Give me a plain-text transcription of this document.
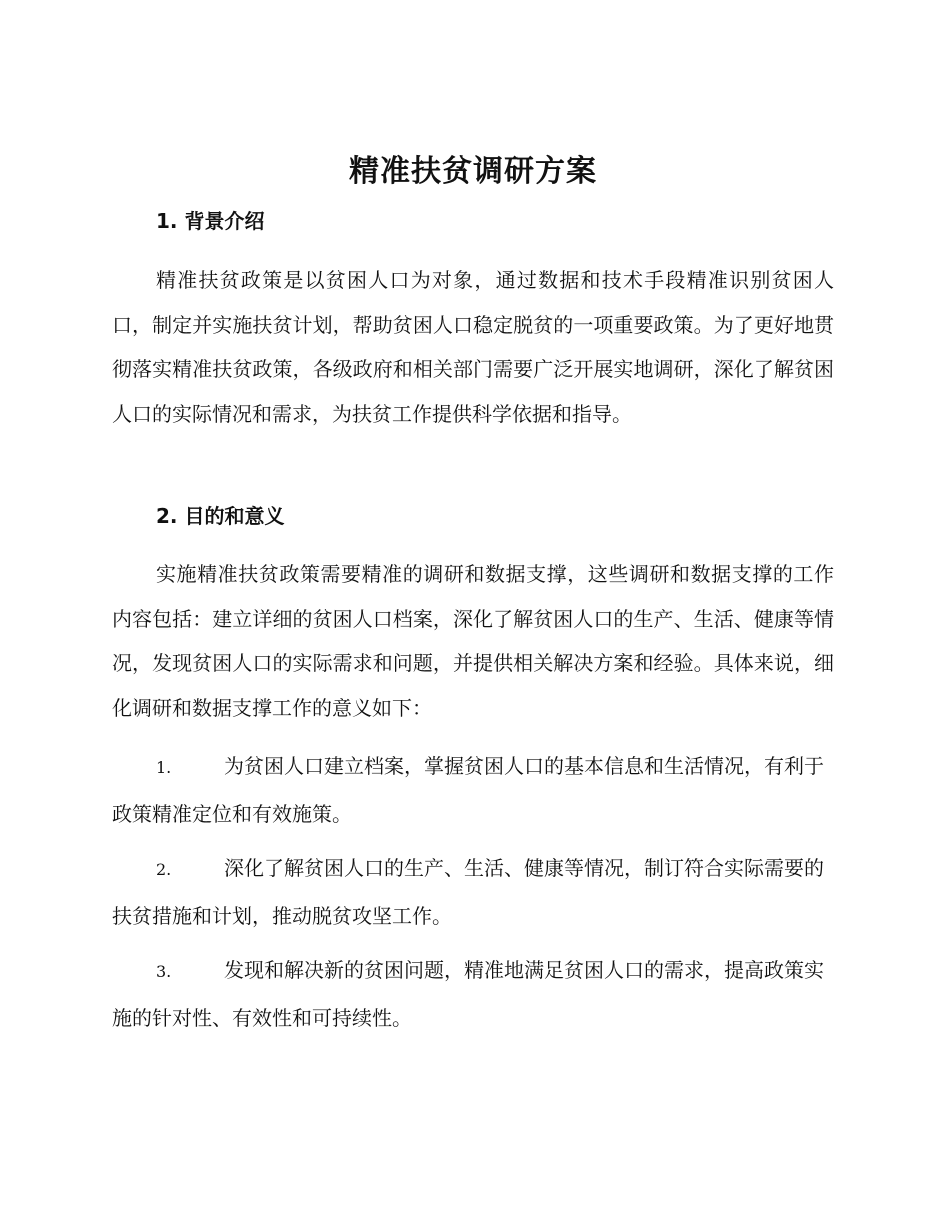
精准扶贫调研方案
1. 背景介绍

精准扶贫政策是以贫困人口为对象，通过数据和技术手段精准识别贫困人口，制定并实施扶贫计划，帮助贫困人口稳定脱贫的一项重要政策。为了更好地贯彻落实精准扶贫政策，各级政府和相关部门需要广泛开展实地调研，深化了解贫困人口的实际情况和需求，为扶贫工作提供科学依据和指导。

2. 目的和意义

实施精准扶贫政策需要精准的调研和数据支撑，这些调研和数据支撑的工作内容包括：建立详细的贫困人口档案，深化了解贫困人口的生产、生活、健康等情况，发现贫困人口的实际需求和问题，并提供相关解决方案和经验。具体来说，细化调研和数据支撑工作的意义如下：

1.	为贫困人口建立档案，掌握贫困人口的基本信息和生活情况，有利于政策精准定位和有效施策。

2.	深化了解贫困人口的生产、生活、健康等情况，制订符合实际需要的扶贫措施和计划，推动脱贫攻坚工作。

3.	发现和解决新的贫困问题，精准地满足贫困人口的需求，提高政策实施的针对性、有效性和可持续性。
